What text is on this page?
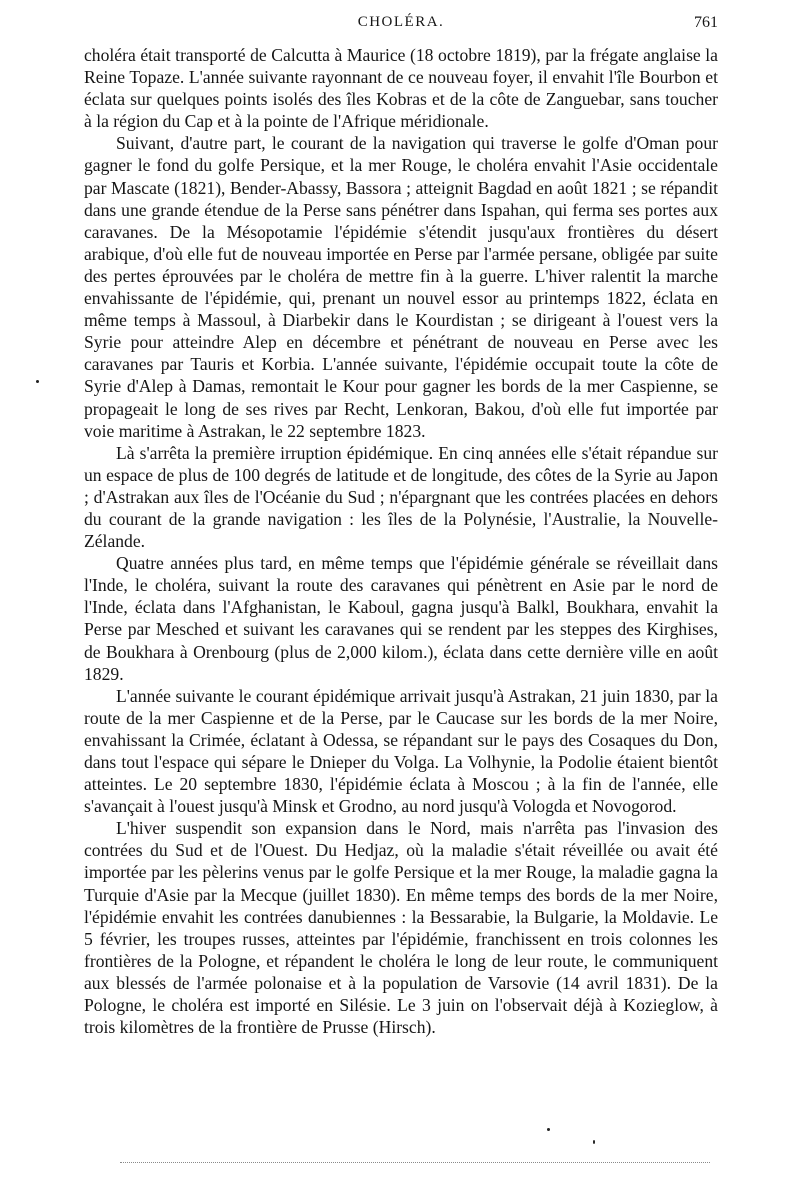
CHOLÉRA.	761

choléra était transporté de Calcutta à Maurice (18 octobre 1819), par la frégate anglaise la Reine Topaze. L'année suivante rayonnant de ce nouveau foyer, il envahit l'île Bourbon et éclata sur quelques points isolés des îles Kobras et de la côte de Zanguebar, sans toucher à la région du Cap et à la pointe de l'Afrique méridionale.

Suivant, d'autre part, le courant de la navigation qui traverse le golfe d'Oman pour gagner le fond du golfe Persique, et la mer Rouge, le choléra envahit l'Asie occidentale par Mascate (1821), Bender-Abassy, Bassora ; atteignit Bagdad en août 1821 ; se répandit dans une grande étendue de la Perse sans pénétrer dans Ispahan, qui ferma ses portes aux caravanes. De la Mésopotamie l'épidémie s'étendit jusqu'aux frontières du désert arabique, d'où elle fut de nouveau importée en Perse par l'armée persane, obligée par suite des pertes éprouvées par le choléra de mettre fin à la guerre. L'hiver ralentit la marche envahissante de l'épidémie, qui, prenant un nouvel essor au printemps 1822, éclata en même temps à Massoul, à Diarbekir dans le Kourdistan ; se dirigeant à l'ouest vers la Syrie pour atteindre Alep en décembre et pénétrant de nouveau en Perse avec les caravanes par Tauris et Korbia. L'année suivante, l'épidémie occupait toute la côte de Syrie d'Alep à Damas, remontait le Kour pour gagner les bords de la mer Caspienne, se propageait le long de ses rives par Recht, Lenkoran, Bakou, d'où elle fut importée par voie maritime à Astrakan, le 22 septembre 1823.

Là s'arrêta la première irruption épidémique. En cinq années elle s'était répandue sur un espace de plus de 100 degrés de latitude et de longitude, des côtes de la Syrie au Japon ; d'Astrakan aux îles de l'Océanie du Sud ; n'épargnant que les contrées placées en dehors du courant de la grande navigation : les îles de la Polynésie, l'Australie, la Nouvelle-Zélande.

Quatre années plus tard, en même temps que l'épidémie générale se réveillait dans l'Inde, le choléra, suivant la route des caravanes qui pénètrent en Asie par le nord de l'Inde, éclata dans l'Afghanistan, le Kaboul, gagna jusqu'à Balkl, Boukhara, envahit la Perse par Mesched et suivant les caravanes qui se rendent par les steppes des Kirghises, de Boukhara à Orenbourg (plus de 2,000 kilom.), éclata dans cette dernière ville en août 1829.

L'année suivante le courant épidémique arrivait jusqu'à Astrakan, 21 juin 1830, par la route de la mer Caspienne et de la Perse, par le Caucase sur les bords de la mer Noire, envahissant la Crimée, éclatant à Odessa, se répandant sur le pays des Cosaques du Don, dans tout l'espace qui sépare le Dnieper du Volga. La Volhynie, la Podolie étaient bientôt atteintes. Le 20 septembre 1830, l'épidémie éclata à Moscou ; à la fin de l'année, elle s'avançait à l'ouest jusqu'à Minsk et Grodno, au nord jusqu'à Vologda et Novogorod.

L'hiver suspendit son expansion dans le Nord, mais n'arrêta pas l'invasion des contrées du Sud et de l'Ouest. Du Hedjaz, où la maladie s'était réveillée ou avait été importée par les pèlerins venus par le golfe Persique et la mer Rouge, la maladie gagna la Turquie d'Asie par la Mecque (juillet 1830). En même temps des bords de la mer Noire, l'épidémie envahit les contrées danubiennes : la Bessarabie, la Bulgarie, la Moldavie. Le 5 février, les troupes russes, atteintes par l'épidémie, franchissent en trois colonnes les frontières de la Pologne, et répandent le choléra le long de leur route, le communiquent aux blessés de l'armée polonaise et à la population de Varsovie (14 avril 1831). De la Pologne, le choléra est importé en Silésie. Le 3 juin on l'observait déjà à Kozieglow, à trois kilomètres de la frontière de Prusse (Hirsch).
